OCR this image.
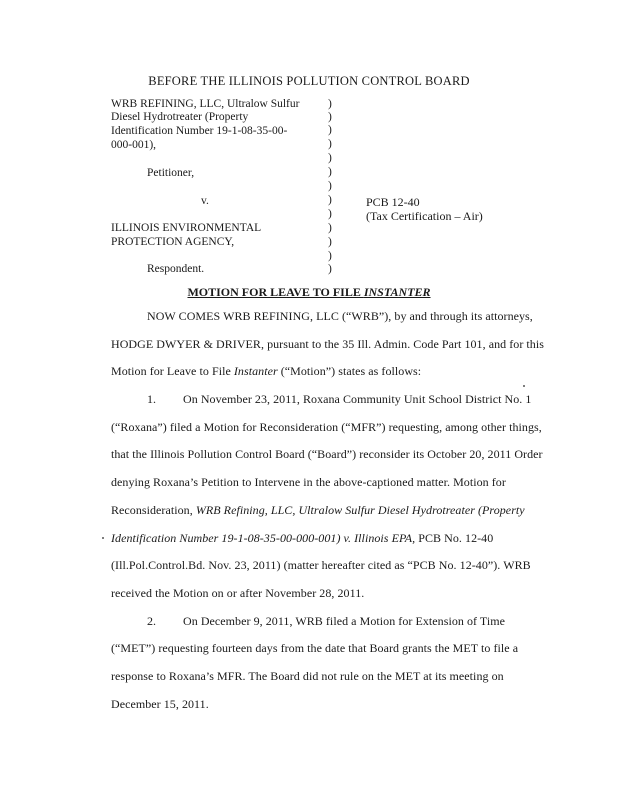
BEFORE THE ILLINOIS POLLUTION CONTROL BOARD
WRB REFINING, LLC, Ultralow Sulfur
Diesel Hydrotreater (Property
Identification Number 19-1-08-35-00-
000-001),
Petitioner,
v.
ILLINOIS ENVIRONMENTAL
PROTECTION AGENCY,
Respondent.
)
)
)
)
)
)
)
)
)
)
)
)
)
PCB 12-40
(Tax Certification – Air)
MOTION FOR LEAVE TO FILE INSTANTER
NOW COMES WRB REFINING, LLC (“WRB”), by and through its attorneys,
HODGE DWYER & DRIVER, pursuant to the 35 Ill. Admin. Code Part 101, and for this
Motion for Leave to File Instanter (“Motion”) states as follows:
1. On November 23, 2011, Roxana Community Unit School District No. 1
(“Roxana”) filed a Motion for Reconsideration (“MFR”) requesting, among other things,
that the Illinois Pollution Control Board (“Board”) reconsider its October 20, 2011 Order
denying Roxana’s Petition to Intervene in the above-captioned matter. Motion for
Reconsideration, WRB Refining, LLC, Ultralow Sulfur Diesel Hydrotreater (Property
Identification Number 19-1-08-35-00-000-001) v. Illinois EPA, PCB No. 12-40
(Ill.Pol.Control.Bd. Nov. 23, 2011) (matter hereafter cited as “PCB No. 12-40”). WRB
received the Motion on or after November 28, 2011.
2. On December 9, 2011, WRB filed a Motion for Extension of Time
(“MET”) requesting fourteen days from the date that Board grants the MET to file a
response to Roxana’s MFR. The Board did not rule on the MET at its meeting on
December 15, 2011.
